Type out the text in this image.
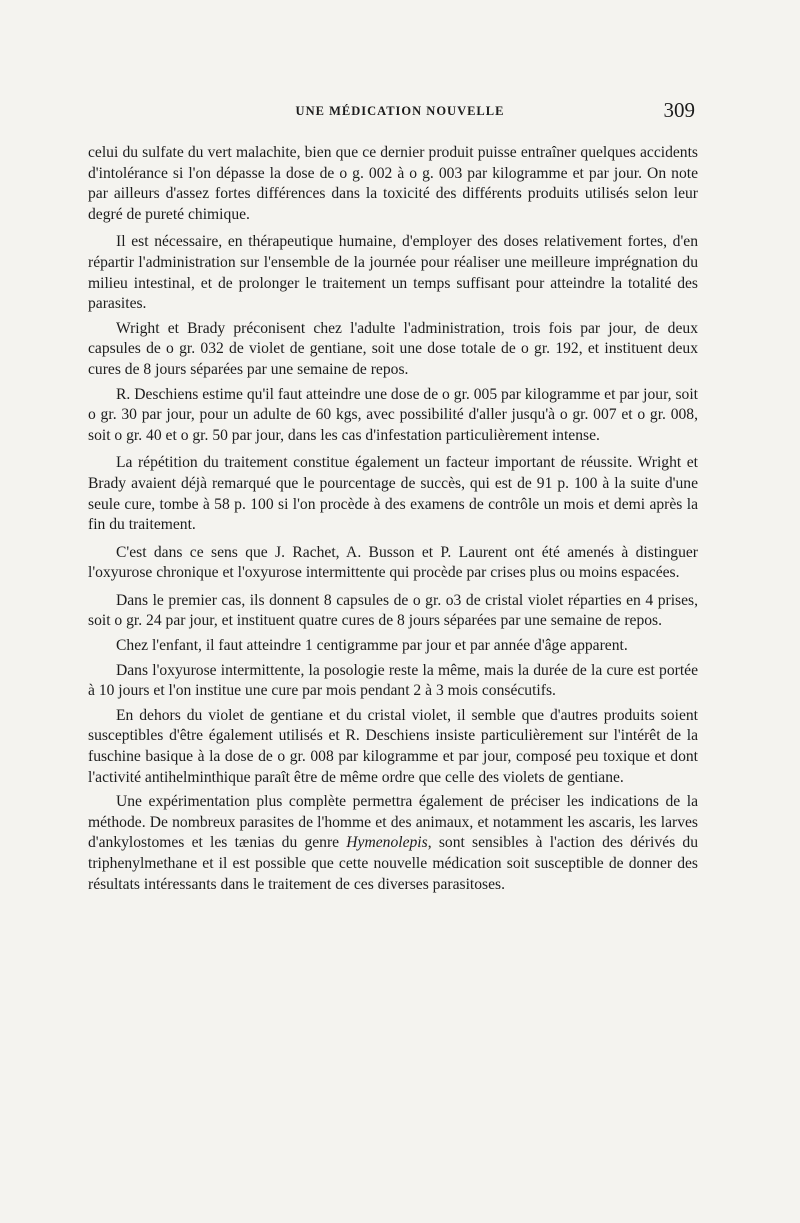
UNE MÉDICATION NOUVELLE	309

celui du sulfate du vert malachite, bien que ce dernier produit puisse entraîner quelques accidents d'intolérance si l'on dépasse la dose de o g. 002 à o g. 003 par kilogramme et par jour. On note par ailleurs d'assez fortes différences dans la toxicité des différents produits utilisés selon leur degré de pureté chimique.

Il est nécessaire, en thérapeutique humaine, d'employer des doses relativement fortes, d'en répartir l'administration sur l'ensemble de la journée pour réaliser une meilleure imprégnation du milieu intestinal, et de prolonger le traitement un temps suffisant pour atteindre la totalité des parasites.

Wright et Brady préconisent chez l'adulte l'administration, trois fois par jour, de deux capsules de o gr. 032 de violet de gentiane, soit une dose totale de o gr. 192, et instituent deux cures de 8 jours séparées par une semaine de repos.

R. Deschiens estime qu'il faut atteindre une dose de o gr. 005 par kilogramme et par jour, soit o gr. 30 par jour, pour un adulte de 60 kgs, avec possibilité d'aller jusqu'à o gr. 007 et o gr. 008, soit o gr. 40 et o gr. 50 par jour, dans les cas d'infestation particulièrement intense.

La répétition du traitement constitue également un facteur important de réussite. Wright et Brady avaient déjà remarqué que le pourcentage de succès, qui est de 91 p. 100 à la suite d'une seule cure, tombe à 58 p. 100 si l'on procède à des examens de contrôle un mois et demi après la fin du traitement.

C'est dans ce sens que J. Rachet, A. Busson et P. Laurent ont été amenés à distinguer l'oxyurose chronique et l'oxyurose intermittente qui procède par crises plus ou moins espacées.

Dans le premier cas, ils donnent 8 capsules de o gr. o3 de cristal violet réparties en 4 prises, soit o gr. 24 par jour, et instituent quatre cures de 8 jours séparées par une semaine de repos.

Chez l'enfant, il faut atteindre 1 centigramme par jour et par année d'âge apparent.

Dans l'oxyurose intermittente, la posologie reste la même, mais la durée de la cure est portée à 10 jours et l'on institue une cure par mois pendant 2 à 3 mois consécutifs.

En dehors du violet de gentiane et du cristal violet, il semble que d'autres produits soient susceptibles d'être également utilisés et R. Deschiens insiste particulièrement sur l'intérêt de la fuschine basique à la dose de o gr. 008 par kilogramme et par jour, composé peu toxique et dont l'activité antihelminthique paraît être de même ordre que celle des violets de gentiane.

Une expérimentation plus complète permettra également de préciser les indications de la méthode. De nombreux parasites de l'homme et des animaux, et notamment les ascaris, les larves d'ankylostomes et les tænias du genre Hymenolepis, sont sensibles à l'action des dérivés du triphenylmethane et il est possible que cette nouvelle médication soit susceptible de donner des résultats intéressants dans le traitement de ces diverses parasitoses.
